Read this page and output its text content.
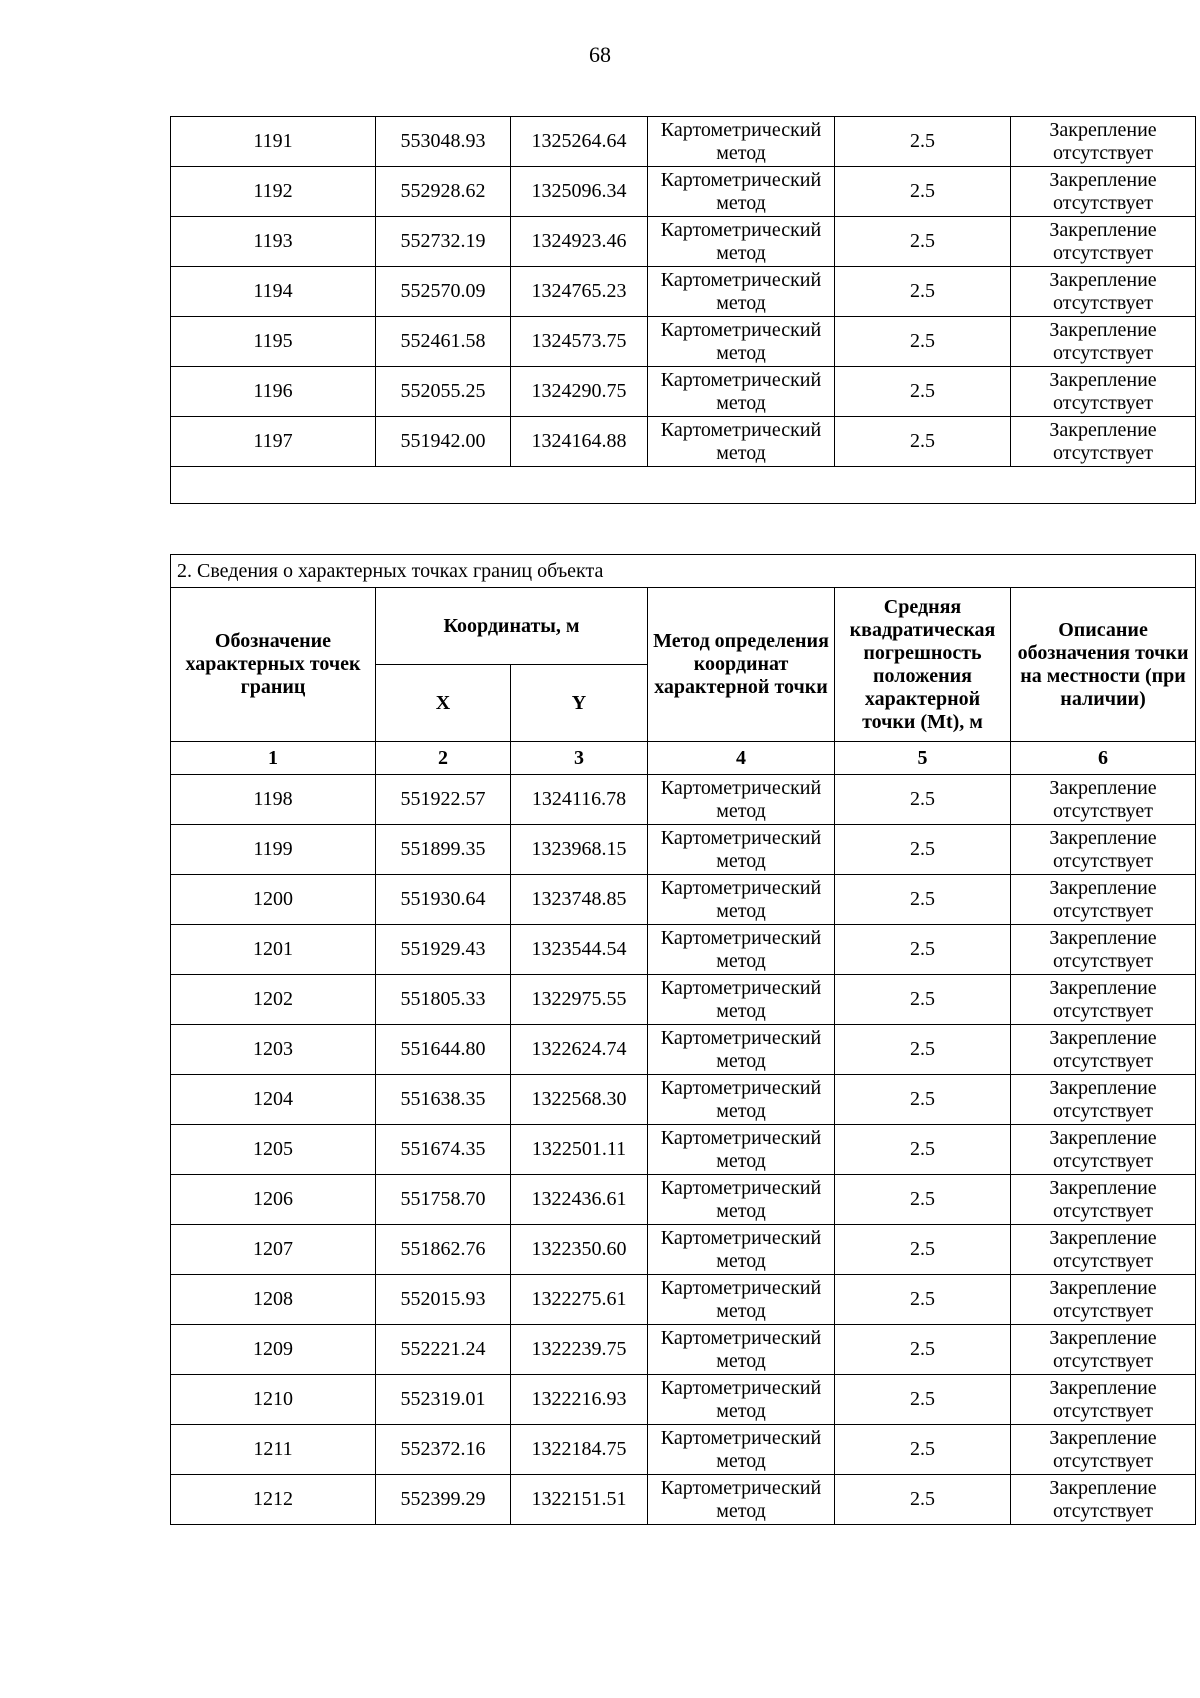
68
1191	553048.93	1325264.64	Картометрический метод	2.5	Закрепление отсутствует
1192	552928.62	1325096.34	Картометрический метод	2.5	Закрепление отсутствует
1193	552732.19	1324923.46	Картометрический метод	2.5	Закрепление отсутствует
1194	552570.09	1324765.23	Картометрический метод	2.5	Закрепление отсутствует
1195	552461.58	1324573.75	Картометрический метод	2.5	Закрепление отсутствует
1196	552055.25	1324290.75	Картометрический метод	2.5	Закрепление отсутствует
1197	551942.00	1324164.88	Картометрический метод	2.5	Закрепление отсутствует

2. Сведения о характерных точках границ объекта					
Обозначение характерных точек границ	Координаты, м		Метод определения координат характерной точки	Средняя квадратическая погрешность положения характерной точки (Mt), м	Описание обозначения точки на местности (при наличии)
	X	Y			
1	2	3	4	5	6
1198	551922.57	1324116.78	Картометрический метод	2.5	Закрепление отсутствует
1199	551899.35	1323968.15	Картометрический метод	2.5	Закрепление отсутствует
1200	551930.64	1323748.85	Картометрический метод	2.5	Закрепление отсутствует
1201	551929.43	1323544.54	Картометрический метод	2.5	Закрепление отсутствует
1202	551805.33	1322975.55	Картометрический метод	2.5	Закрепление отсутствует
1203	551644.80	1322624.74	Картометрический метод	2.5	Закрепление отсутствует
1204	551638.35	1322568.30	Картометрический метод	2.5	Закрепление отсутствует
1205	551674.35	1322501.11	Картометрический метод	2.5	Закрепление отсутствует
1206	551758.70	1322436.61	Картометрический метод	2.5	Закрепление отсутствует
1207	551862.76	1322350.60	Картометрический метод	2.5	Закрепление отсутствует
1208	552015.93	1322275.61	Картометрический метод	2.5	Закрепление отсутствует
1209	552221.24	1322239.75	Картометрический метод	2.5	Закрепление отсутствует
1210	552319.01	1322216.93	Картометрический метод	2.5	Закрепление отсутствует
1211	552372.16	1322184.75	Картометрический метод	2.5	Закрепление отсутствует
1212	552399.29	1322151.51	Картометрический метод	2.5	Закрепление отсутствует
